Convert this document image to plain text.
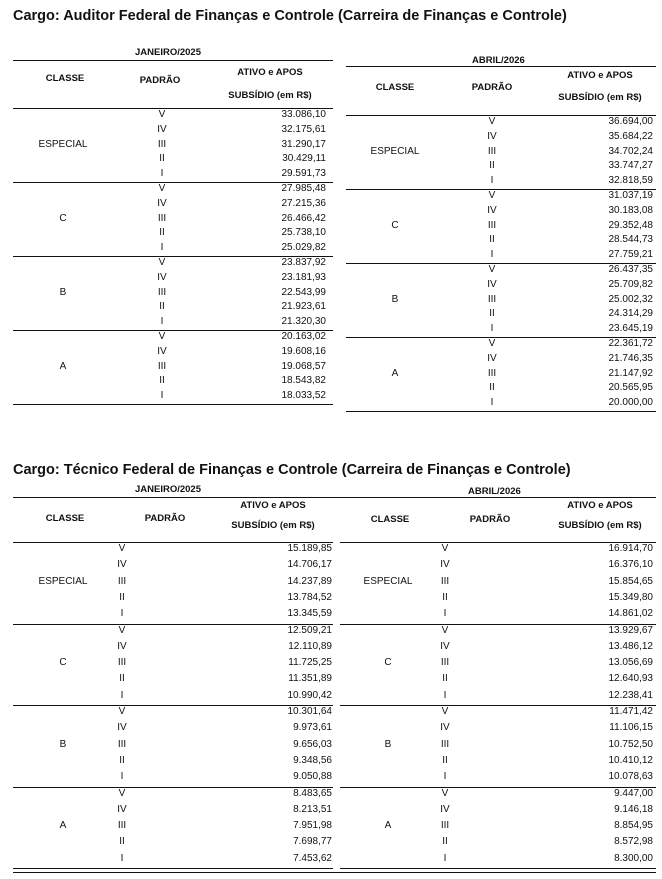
Cargo: Auditor Federal de Finanças e Controle (Carreira de Finanças e Controle)
JANEIRO/2025
ABRIL/2026
CLASSE	PADRÃO
ATIVO e APOS
SUBSÍDIO (em R$)
CLASSE	PADRÃO
ATIVO e APOS
SUBSÍDIO (em R$)
ESPECIAL
V	33.086,10
IV	32.175,61
III	31.290,17
II	30.429,11
I	29.591,73
ESPECIAL
V	36.694,00
IV	35.684,22
III	34.702,24
II	33.747,27
I	32.818,59
C
V	27.985,48
IV	27.215,36
III	26.466,42
II	25.738,10
I	25.029,82
C
V	31.037,19
IV	30.183,08
III	29.352,48
II	28.544,73
I	27.759,21
B
V	23.837,92
IV	23.181,93
III	22.543,99
II	21.923,61
I	21.320,30
B
V	26.437,35
IV	25.709,82
III	25.002,32
II	24.314,29
I	23.645,19
A
V	20.163,02
IV	19.608,16
III	19.068,57
II	18.543,82
I	18.033,52
A
V	22.361,72
IV	21.746,35
III	21.147,92
II	20.565,95
I	20.000,00
Cargo: Técnico Federal de Finanças e Controle (Carreira de Finanças e Controle)
JANEIRO/2025	ABRIL/2026
CLASSE	PADRÃO
ATIVO e APOS
SUBSÍDIO (em R$)
CLASSE	PADRÃO
ATIVO e APOS
SUBSÍDIO (em R$)
ESPECIAL
V	15.189,85
IV	14.706,17
III	14.237,89
II	13.784,52
I	13.345,59
ESPECIAL
V	16.914,70
IV	16.376,10
III	15.854,65
II	15.349,80
I	14.861,02
C
V	12.509,21
IV	12.110,89
III	11.725,25
II	11.351,89
I	10.990,42
C
V	13.929,67
IV	13.486,12
III	13.056,69
II	12.640,93
I	12.238,41
B
V	10.301,64
IV	9.973,61
III	9.656,03
II	9.348,56
I	9.050,88
B
V	11.471,42
IV	11.106,15
III	10.752,50
II	10.410,12
I	10.078,63
A
V	8.483,65
IV	8.213,51
III	7.951,98
II	7.698,77
I	7.453,62
A
V	9.447,00
IV	9.146,18
III	8.854,95
II	8.572,98
I	8.300,00
